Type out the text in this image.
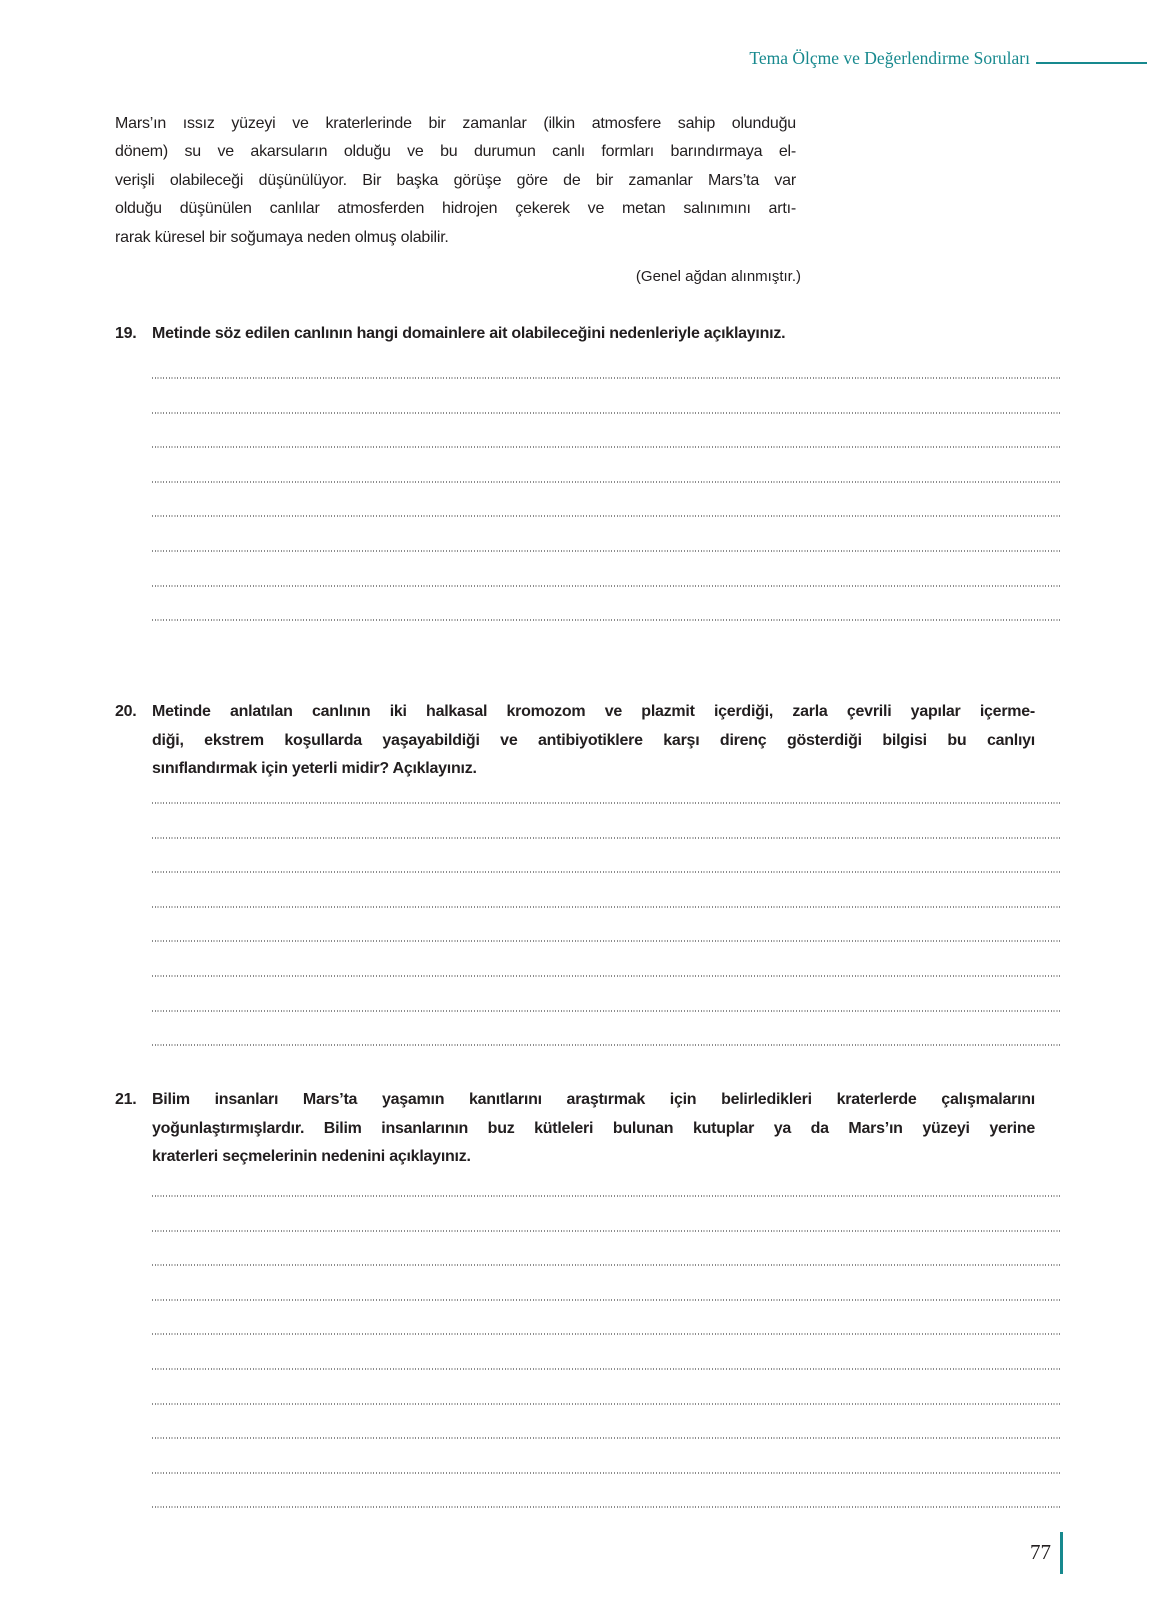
Tema Ölçme ve Değerlendirme Soruları
Mars’ın ıssız yüzeyi ve kraterlerinde bir zamanlar (ilkin atmosfere sahip olunduğu
dönem) su ve akarsuların olduğu ve bu durumun canlı formları barındırmaya el-
verişli olabileceği düşünülüyor. Bir başka görüşe göre de bir zamanlar Mars’ta var
olduğu düşünülen canlılar atmosferden hidrojen çekerek ve metan salınımını artı-
rarak küresel bir soğumaya neden olmuş olabilir.
(Genel ağdan alınmıştır.)
19. Metinde söz edilen canlının hangi domainlere ait olabileceğini nedenleriyle açıklayınız.
20. Metinde anlatılan canlının iki halkasal kromozom ve plazmit içerdiği, zarla çevrili yapılar içerme-
diği, ekstrem koşullarda yaşayabildiği ve antibiyotiklere karşı direnç gösterdiği bilgisi bu canlıyı
sınıflandırmak için yeterli midir? Açıklayınız.
21. Bilim insanları Mars’ta yaşamın kanıtlarını araştırmak için belirledikleri kraterlerde çalışmalarını
yoğunlaştırmışlardır. Bilim insanlarının buz kütleleri bulunan kutuplar ya da Mars’ın yüzeyi yerine
kraterleri seçmelerinin nedenini açıklayınız.
77
